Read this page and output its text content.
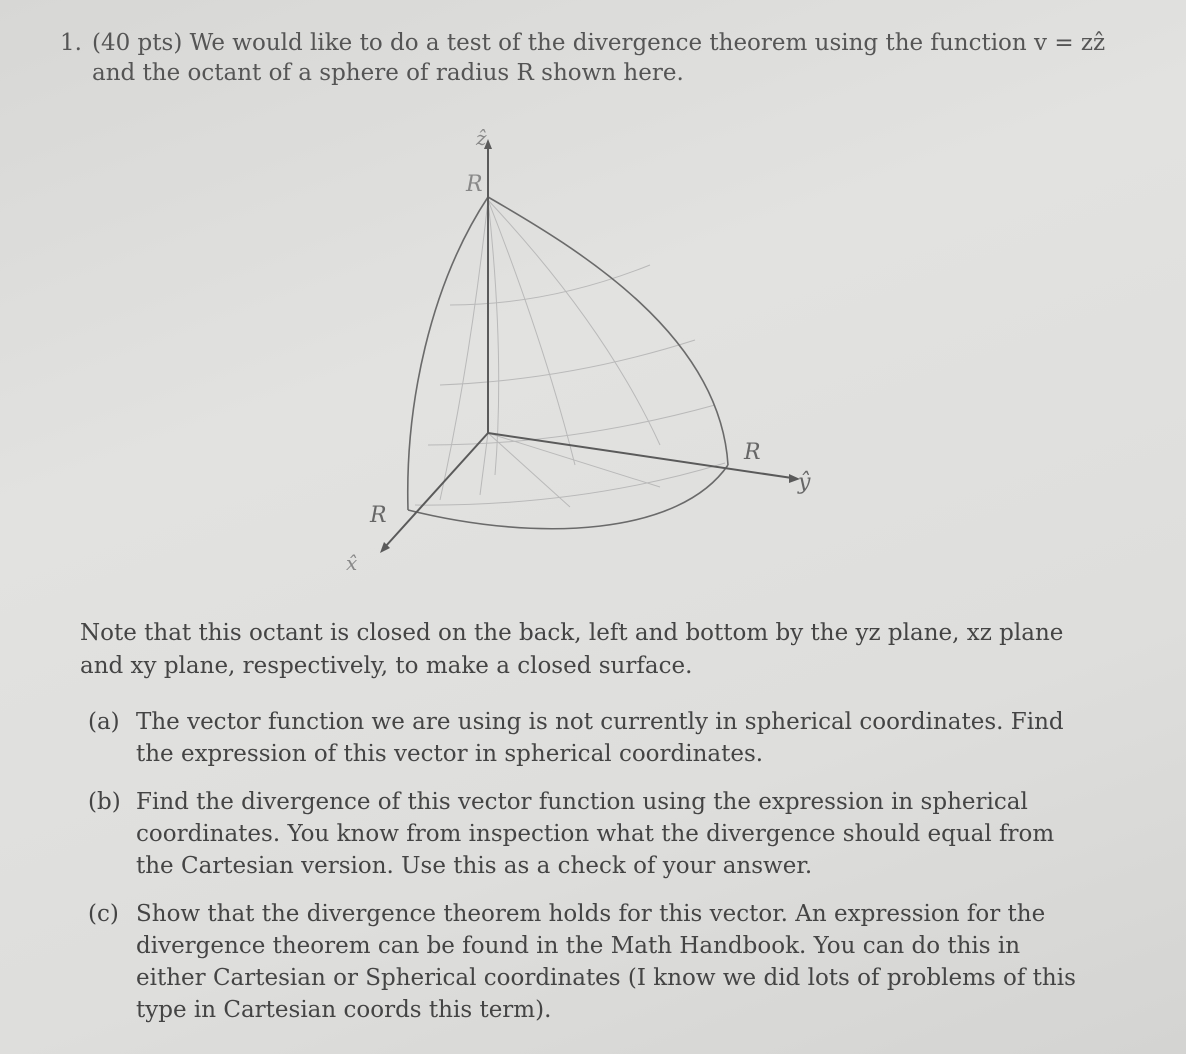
1. (40 pts) We would like to do a test of the divergence theorem using the function v = zẑ
and the octant of a sphere of radius R shown here.
ẑ
R
R
ŷ
R
x̂
Note that this octant is closed on the back, left and bottom by the yz plane, xz plane and xy plane, respectively, to make a closed surface.
(a) The vector function we are using is not currently in spherical coordinates. Find the expression of this vector in spherical coordinates.
(b) Find the divergence of this vector function using the expression in spherical coordinates. You know from inspection what the divergence should equal from the Cartesian version. Use this as a check of your answer.
(c) Show that the divergence theorem holds for this vector. An expression for the divergence theorem can be found in the Math Handbook. You can do this in either Cartesian or Spherical coordinates (I know we did lots of problems of this type in Cartesian coords this term).
